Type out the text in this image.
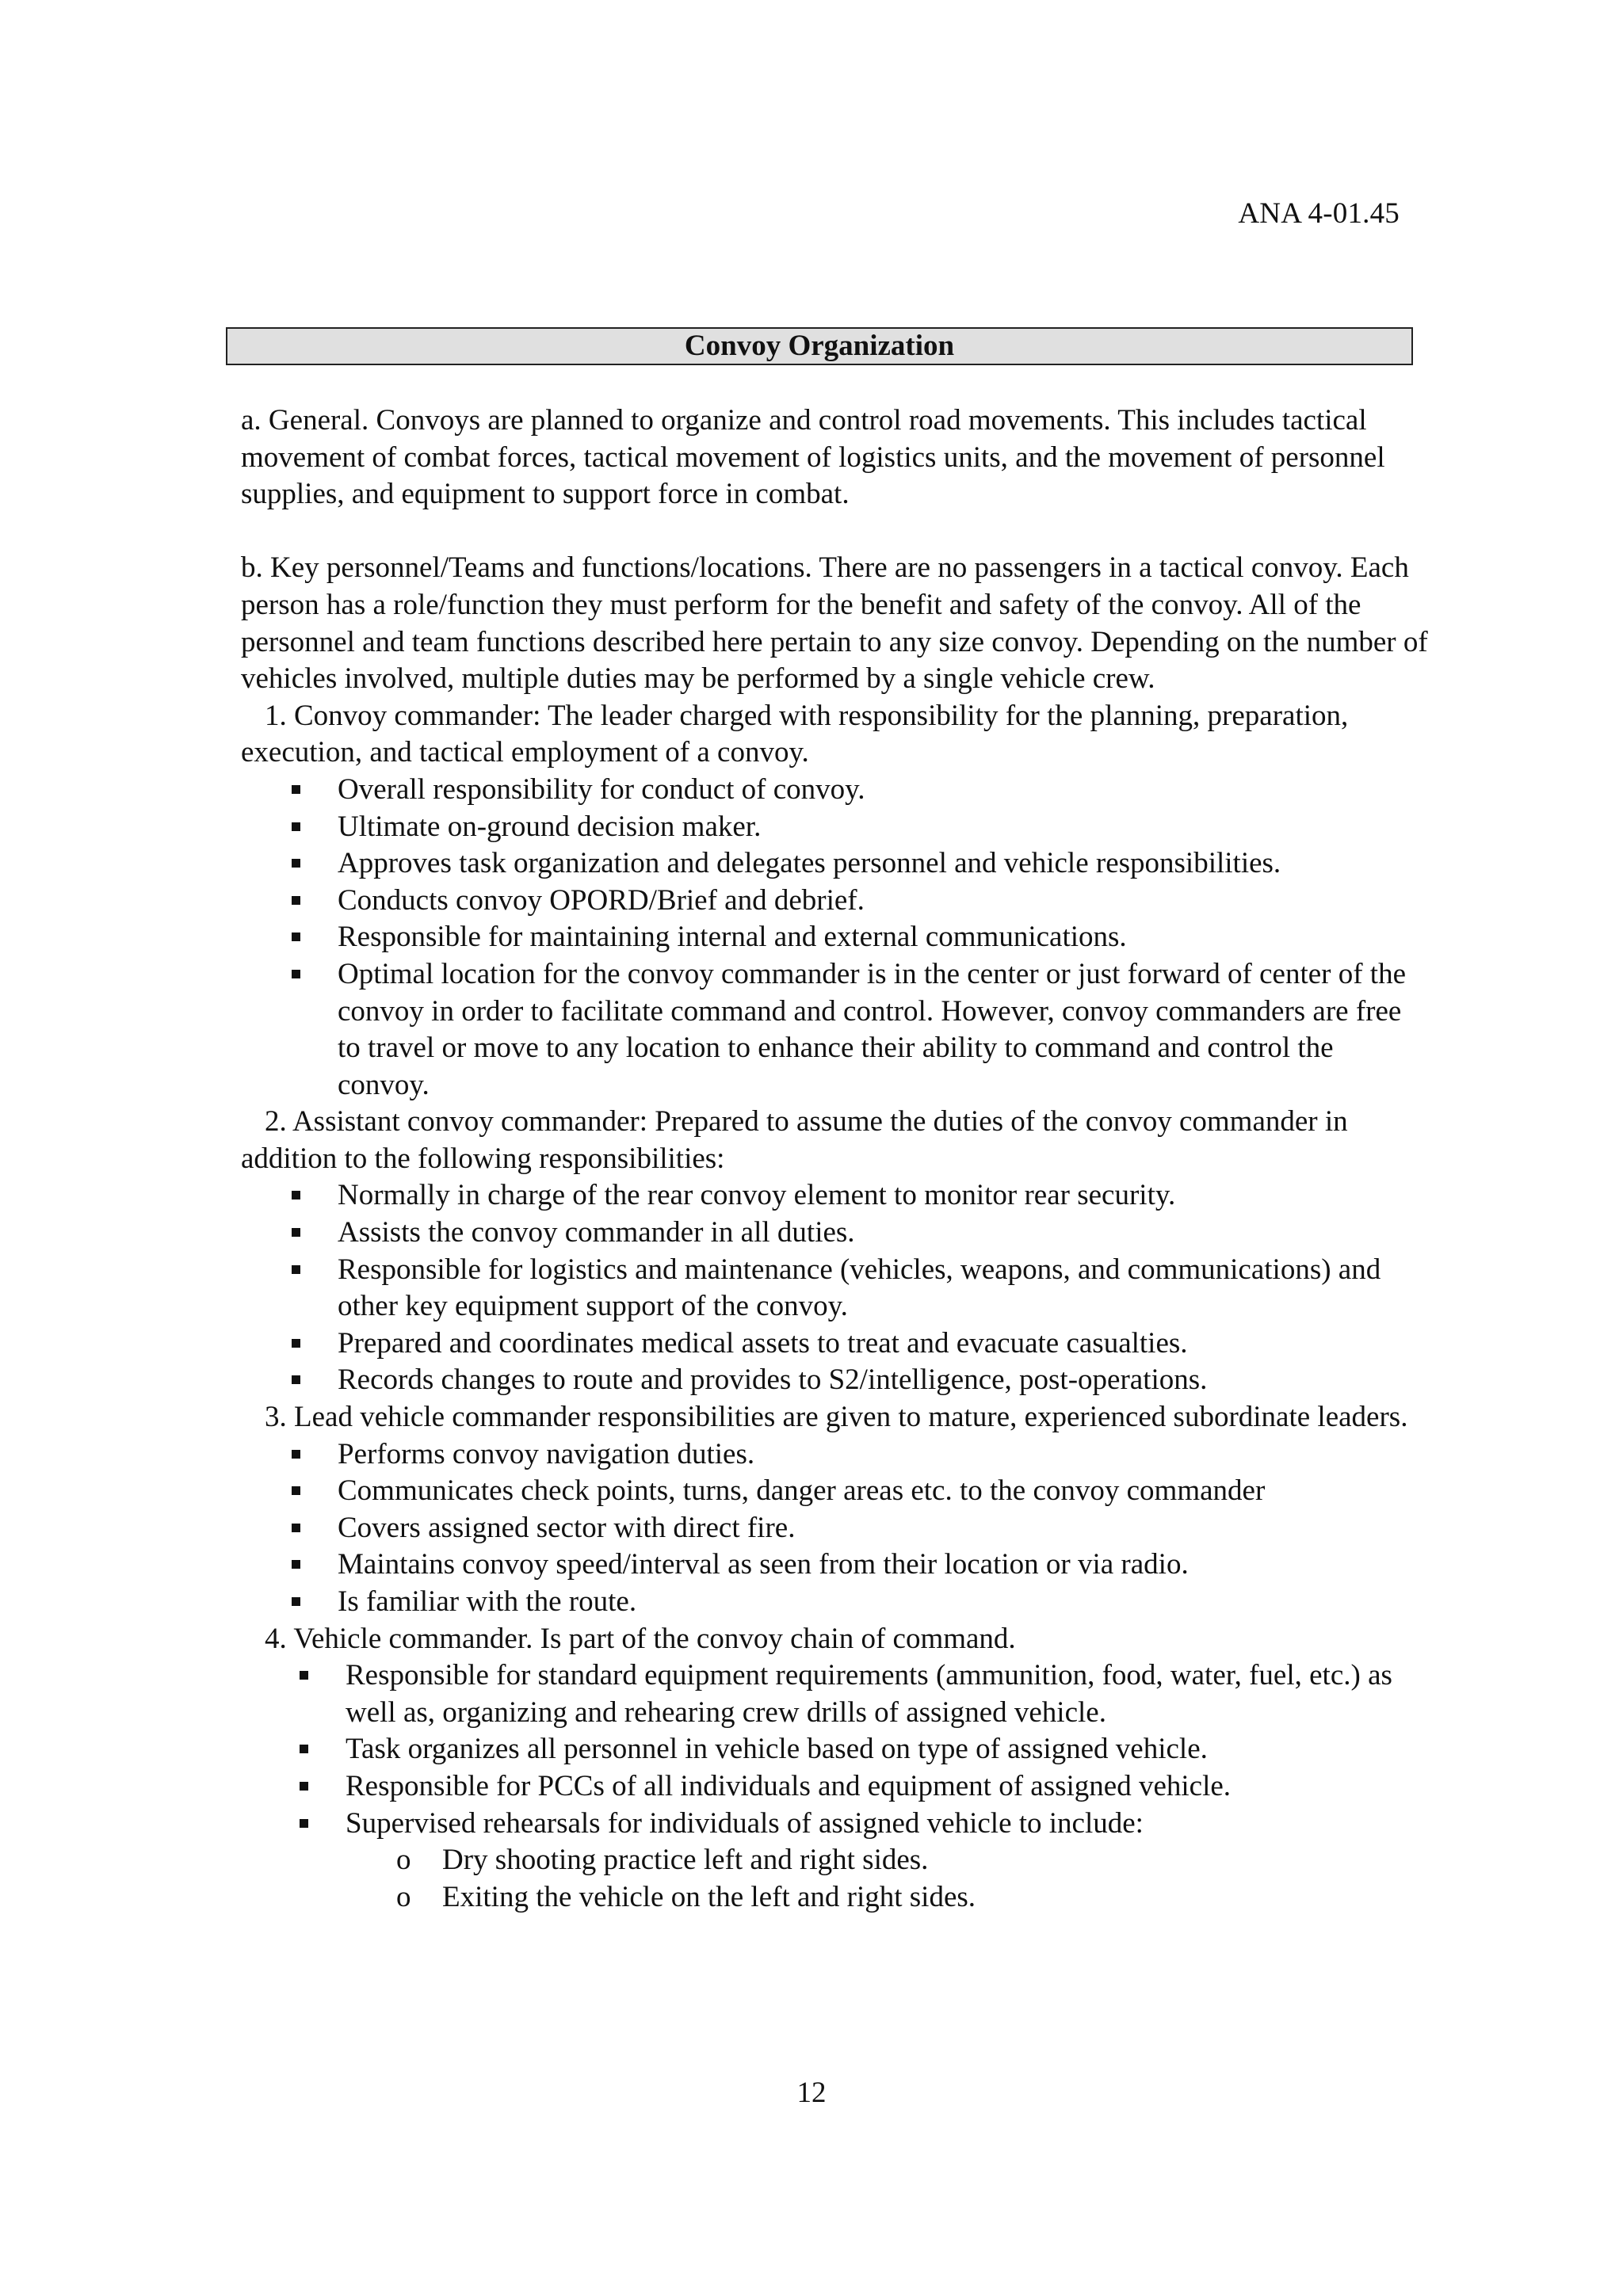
ANA 4-01.45
Convoy Organization

a. General. Convoys are planned to organize and control road movements. This includes tactical movement of combat forces, tactical movement of logistics units, and the movement of personnel supplies, and equipment to support force in combat.

b. Key personnel/Teams and functions/locations. There are no passengers in a tactical convoy. Each person has a role/function they must perform for the benefit and safety of the convoy. All of the personnel and team functions described here pertain to any size convoy. Depending on the number of vehicles involved, multiple duties may be performed by a single vehicle crew.

1. Convoy commander: The leader charged with responsibility for the planning, preparation, execution, and tactical employment of a convoy.

Overall responsibility for conduct of convoy.
Ultimate on-ground decision maker.
Approves task organization and delegates personnel and vehicle responsibilities.
Conducts convoy OPORD/Brief and debrief.
Responsible for maintaining internal and external communications.
Optimal location for the convoy commander is in the center or just forward of center of the convoy in order to facilitate command and control. However, convoy commanders are free to travel or move to any location to enhance their ability to command and control the convoy.

2. Assistant convoy commander: Prepared to assume the duties of the convoy commander in addition to the following responsibilities:

Normally in charge of the rear convoy element to monitor rear security.
Assists the convoy commander in all duties.
Responsible for logistics and maintenance (vehicles, weapons, and communications) and other key equipment support of the convoy.
Prepared and coordinates medical assets to treat and evacuate casualties.
Records changes to route and provides to S2/intelligence, post-operations.

3. Lead vehicle commander responsibilities are given to mature, experienced subordinate leaders.

Performs convoy navigation duties.
Communicates check points, turns, danger areas etc. to the convoy commander
Covers assigned sector with direct fire.
Maintains convoy speed/interval as seen from their location or via radio.
Is familiar with the route.

4. Vehicle commander. Is part of the convoy chain of command.

Responsible for standard equipment requirements (ammunition, food, water, fuel, etc.) as well as, organizing and rehearing crew drills of assigned vehicle.
Task organizes all personnel in vehicle based on type of assigned vehicle.
Responsible for PCCs of all individuals and equipment of assigned vehicle.
Supervised rehearsals for individuals of assigned vehicle to include:
o Dry shooting practice left and right sides.
o Exiting the vehicle on the left and right sides.
12
